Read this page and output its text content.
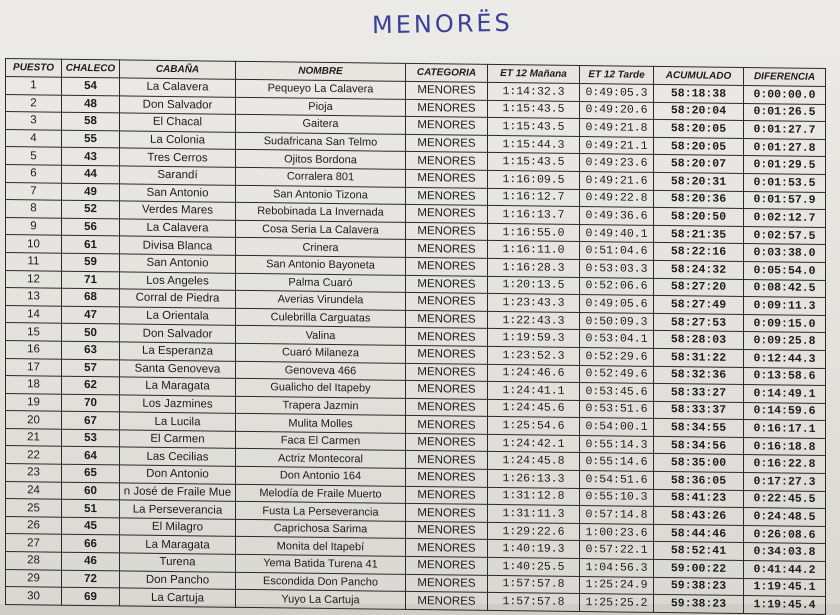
MENORЁS
PUESTO	CHALECO	CABAÑA	NOMBRE	CATEGORIA	ET 12 Mañana	ET 12 Tarde	ACUMULADO	DIFERENCIA
1	54	La Calavera	Pequeyo La Calavera	MENORES	1:14:32.3	0:49:05.3	58:18:38	0:00:00.0
2	48	Don Salvador	Pioja	MENORES	1:15:43.5	0:49:20.6	58:20:04	0:01:26.5
3	58	El Chacal	Gaitera	MENORES	1:15:43.5	0:49:21.8	58:20:05	0:01:27.7
4	55	La Colonia	Sudafricana San Telmo	MENORES	1:15:44.3	0:49:21.1	58:20:05	0:01:27.8
5	43	Tres Cerros	Ojitos Bordona	MENORES	1:15:43.5	0:49:23.6	58:20:07	0:01:29.5
6	44	Sarandí	Corralera 801	MENORES	1:16:09.5	0:49:21.6	58:20:31	0:01:53.5
7	49	San Antonio	San Antonio Tizona	MENORES	1:16:12.7	0:49:22.8	58:20:36	0:01:57.9
8	52	Verdes Mares	Rebobinada La Invernada	MENORES	1:16:13.7	0:49:36.6	58:20:50	0:02:12.7
9	56	La Calavera	Cosa Seria La Calavera	MENORES	1:16:55.0	0:49:40.1	58:21:35	0:02:57.5
10	61	Divisa Blanca	Crinera	MENORES	1:16:11.0	0:51:04.6	58:22:16	0:03:38.0
11	59	San Antonio	San Antonio Bayoneta	MENORES	1:16:28.3	0:53:03.3	58:24:32	0:05:54.0
12	71	Los Angeles	Palma Cuaró	MENORES	1:20:13.5	0:52:06.6	58:27:20	0:08:42.5
13	68	Corral de Piedra	Averias Virundela	MENORES	1:23:43.3	0:49:05.6	58:27:49	0:09:11.3
14	47	La Orientala	Culebrilla Carguatas	MENORES	1:22:43.3	0:50:09.3	58:27:53	0:09:15.0
15	50	Don Salvador	Valina	MENORES	1:19:59.3	0:53:04.1	58:28:03	0:09:25.8
16	63	La Esperanza	Cuaró Milaneza	MENORES	1:23:52.3	0:52:29.6	58:31:22	0:12:44.3
17	57	Santa Genoveva	Genoveva 466	MENORES	1:24:46.6	0:52:49.6	58:32:36	0:13:58.6
18	62	La Maragata	Gualicho del Itapeby	MENORES	1:24:41.1	0:53:45.6	58:33:27	0:14:49.1
19	70	Los Jazmines	Trapera Jazmin	MENORES	1:24:45.6	0:53:51.6	58:33:37	0:14:59.6
20	67	La Lucila	Mulita Molles	MENORES	1:25:54.6	0:54:00.1	58:34:55	0:16:17.1
21	53	El Carmen	Faca El Carmen	MENORES	1:24:42.1	0:55:14.3	58:34:56	0:16:18.8
22	64	Las Cecilias	Actriz Montecoral	MENORES	1:24:45.8	0:55:14.6	58:35:00	0:16:22.8
23	65	Don Antonio	Don Antonio 164	MENORES	1:26:13.3	0:54:51.6	58:36:05	0:17:27.3
24	60	n José de Fraile Mue	Melodía de Fraile Muerto	MENORES	1:31:12.8	0:55:10.3	58:41:23	0:22:45.5
25	51	La Perseverancia	Fusta La Perseverancia	MENORES	1:31:11.3	0:57:14.8	58:43:26	0:24:48.5
26	45	El Milagro	Caprichosa Sarima	MENORES	1:29:22.6	1:00:23.6	58:44:46	0:26:08.6
27	66	La Maragata	Monita del Itapebí	MENORES	1:40:19.3	0:57:22.1	58:52:41	0:34:03.8
28	46	Turena	Yema Batida Turena 41	MENORES	1:40:25.5	1:04:56.3	59:00:22	0:41:44.2
29	72	Don Pancho	Escondida Don Pancho	MENORES	1:57:57.8	1:25:24.9	59:38:23	1:19:45.1
30	69	La Cartuja	Yuyo La Cartuja	MENORES	1:57:57.8	1:25:25.2	59:38:23	1:19:45.4
